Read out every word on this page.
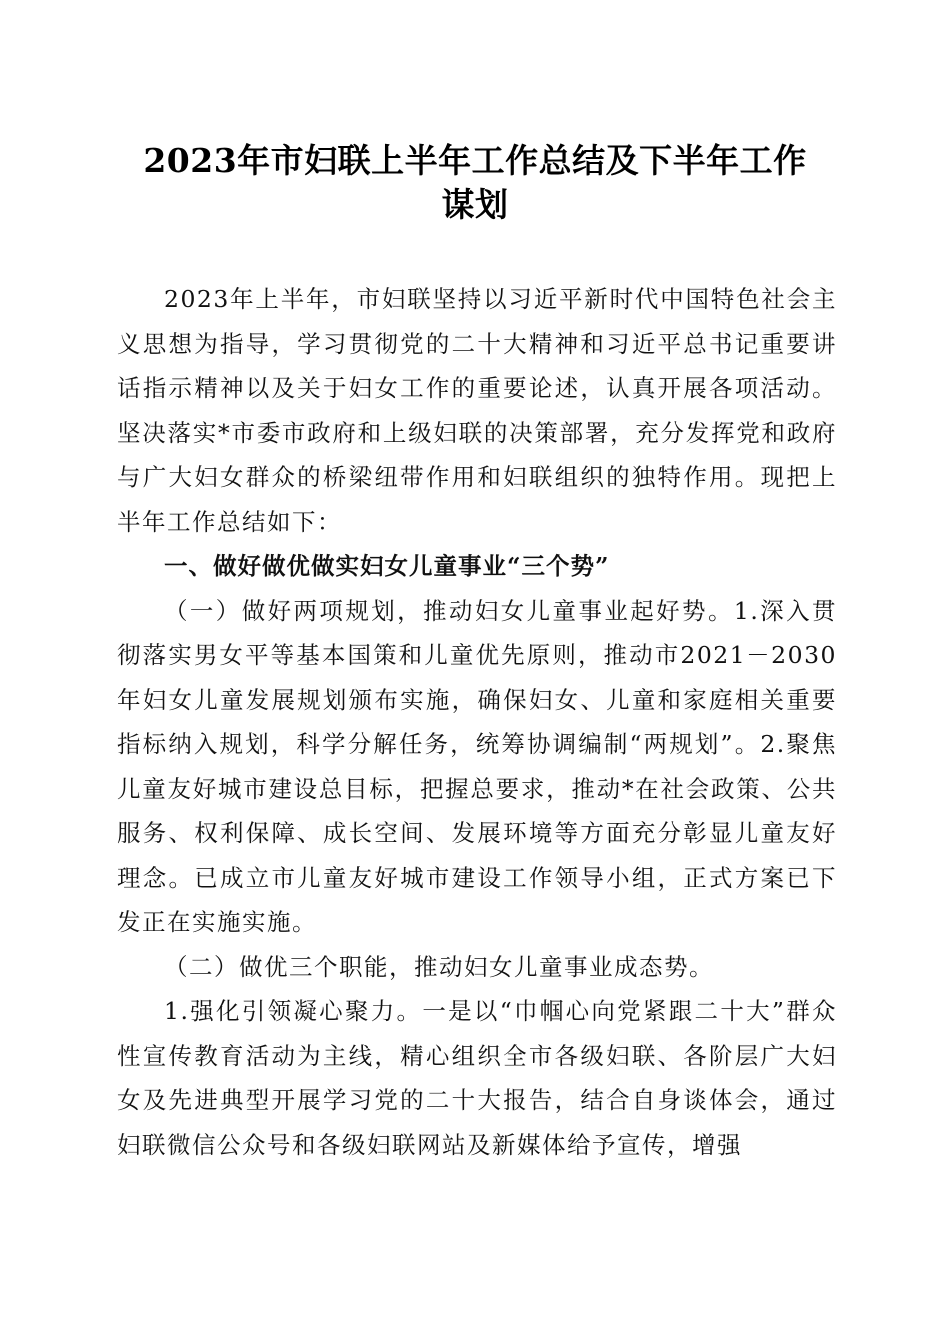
2023年市妇联上半年工作总结及下半年工作
谋划

2023年上半年，市妇联坚持以习近平新时代中国特色社会主义思想为指导，学习贯彻党的二十大精神和习近平总书记重要讲话指示精神以及关于妇女工作的重要论述，认真开展各项活动。坚决落实*市委市政府和上级妇联的决策部署，充分发挥党和政府与广大妇女群众的桥梁纽带作用和妇联组织的独特作用。现把上半年工作总结如下：

一、做好做优做实妇女儿童事业“三个势”

（一）做好两项规划，推动妇女儿童事业起好势。1.深入贯彻落实男女平等基本国策和儿童优先原则，推动市2021－2030年妇女儿童发展规划颁布实施，确保妇女、儿童和家庭相关重要指标纳入规划，科学分解任务，统筹协调编制“两规划”。2.聚焦儿童友好城市建设总目标，把握总要求，推动*在社会政策、公共服务、权利保障、成长空间、发展环境等方面充分彰显儿童友好理念。已成立市儿童友好城市建设工作领导小组，正式方案已下发正在实施实施。

（二）做优三个职能，推动妇女儿童事业成态势。

1.强化引领凝心聚力。一是以“巾帼心向党紧跟二十大”群众性宣传教育活动为主线，精心组织全市各级妇联、各阶层广大妇女及先进典型开展学习党的二十大报告，结合自身谈体会，通过妇联微信公众号和各级妇联网站及新媒体给予宣传，增强
